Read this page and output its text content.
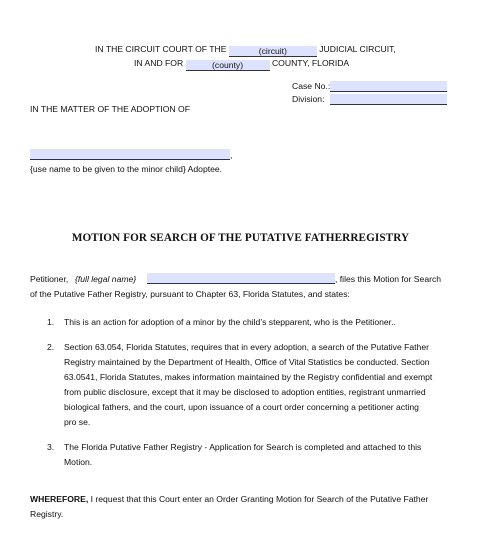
IN THE CIRCUIT COURT OF THE	(circuit)	JUDICIAL CIRCUIT,
IN AND FOR	(county)	COUNTY, FLORIDA
Case No.:
Division:
IN THE MATTER OF THE ADOPTION OF
,
{use name to be given to the minor child} Adoptee.
MOTION FOR SEARCH OF THE PUTATIVE FATHERREGISTRY
Petitioner, {full legal name}	, files this Motion for Search
of the Putative Father Registry, pursuant to Chapter 63, Florida Statutes, and states:
1. This is an action for adoption of a minor by the child’s stepparent, who is the Petitioner..
2. Section 63.054, Florida Statutes, requires that in every adoption, a search of the Putative Father
Registry maintained by the Department of Health, Office of Vital Statistics be conducted. Section
63.0541, Florida Statutes, makes information maintained by the Registry confidential and exempt
from public disclosure, except that it may be disclosed to adoption entities, registrant unmarried
biological fathers, and the court, upon issuance of a court order concerning a petitioner acting
pro se.
3. The Florida Putative Father Registry - Application for Search is completed and attached to this
Motion.
WHEREFORE, I request that this Court enter an Order Granting Motion for Search of the Putative Father
Registry.
